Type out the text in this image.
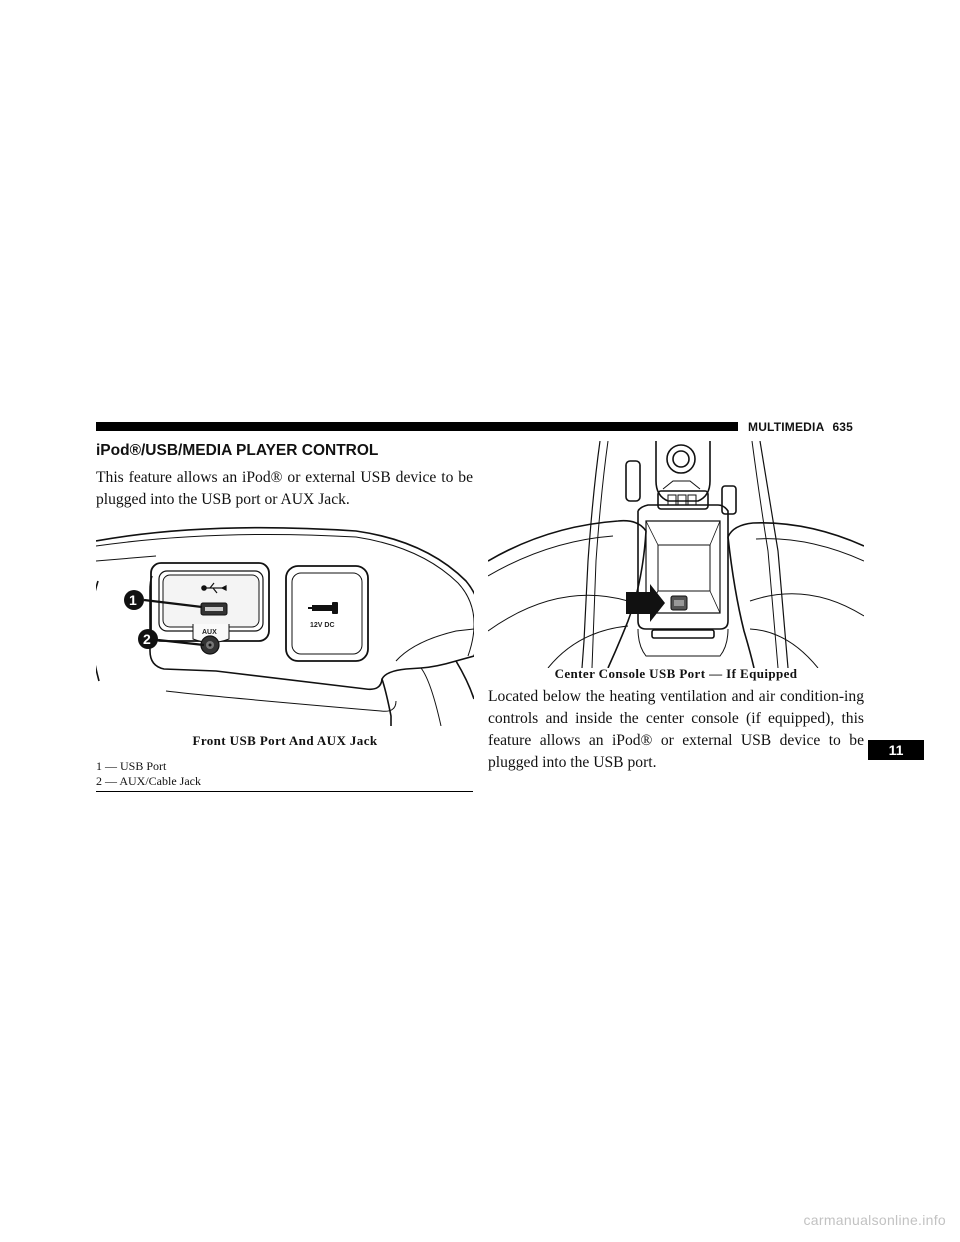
MULTIMEDIA 635
iPod®/USB/MEDIA PLAYER CONTROL

This feature allows an iPod® or external USB device to be plugged into the USB port or AUX Jack.

AUX
12V DC
1
2
Front USB Port And AUX Jack
1 — USB Port
2 — AUX/Cable Jack
Center Console USB Port — If Equipped

Located below the heating ventilation and air condition-ing controls and inside the center console (if equipped), this feature allows an iPod® or external USB device to be plugged into the USB port.

11
carmanualsonline.info
